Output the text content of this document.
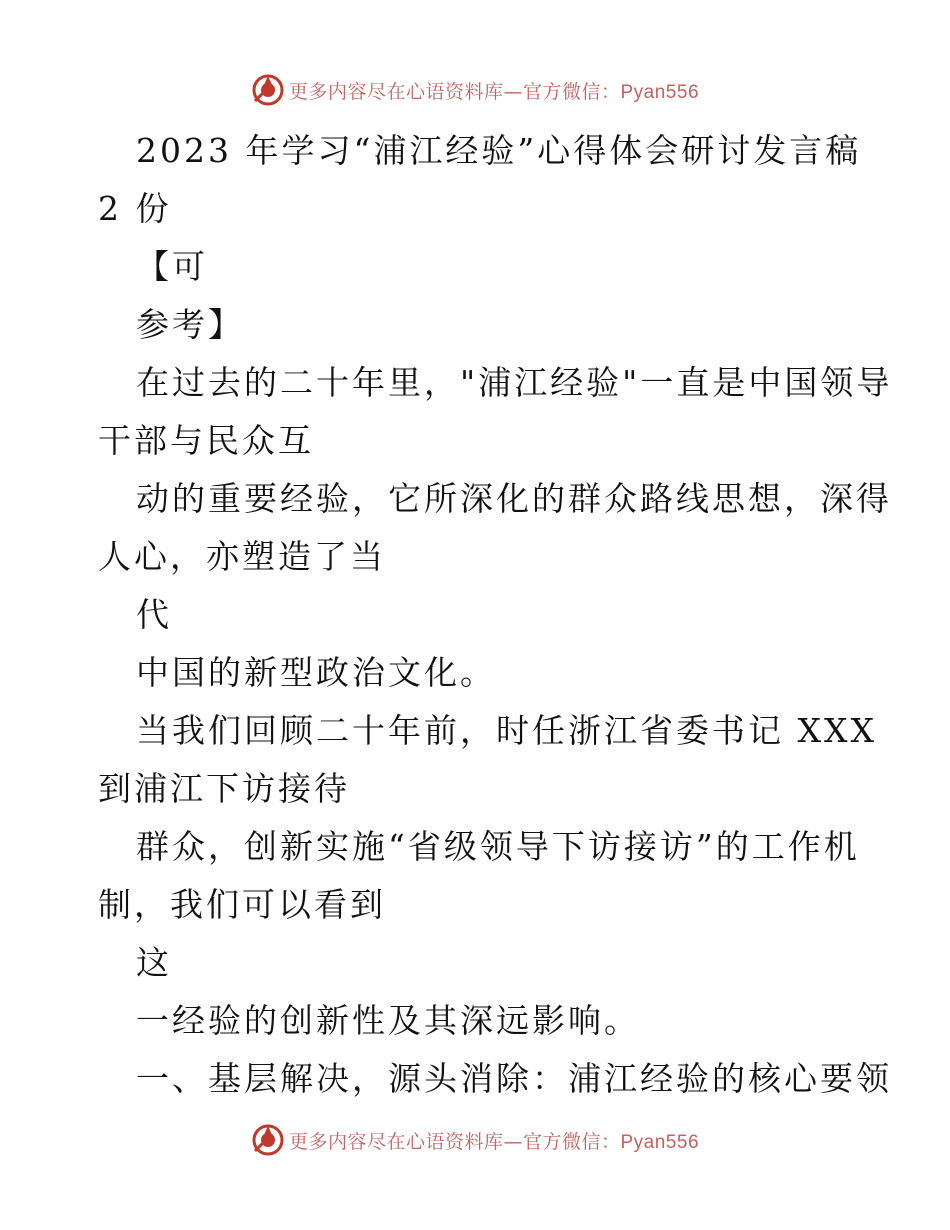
更多内容尽在心语资料库—官方微信：Pyan556
2023 年学习“浦江经验”心得体会研讨发言稿
2 份
【可
参考】
在过去的二十年里，"浦江经验"一直是中国领导
干部与民众互
动的重要经验，它所深化的群众路线思想，深得
人心，亦塑造了当
代
中国的新型政治文化。
当我们回顾二十年前，时任浙江省委书记 XXX
到浦江下访接待
群众，创新实施“省级领导下访接访”的工作机
制，我们可以看到
这
一经验的创新性及其深远影响。
一、基层解决，源头消除：浦江经验的核心要领
更多内容尽在心语资料库—官方微信：Pyan556
